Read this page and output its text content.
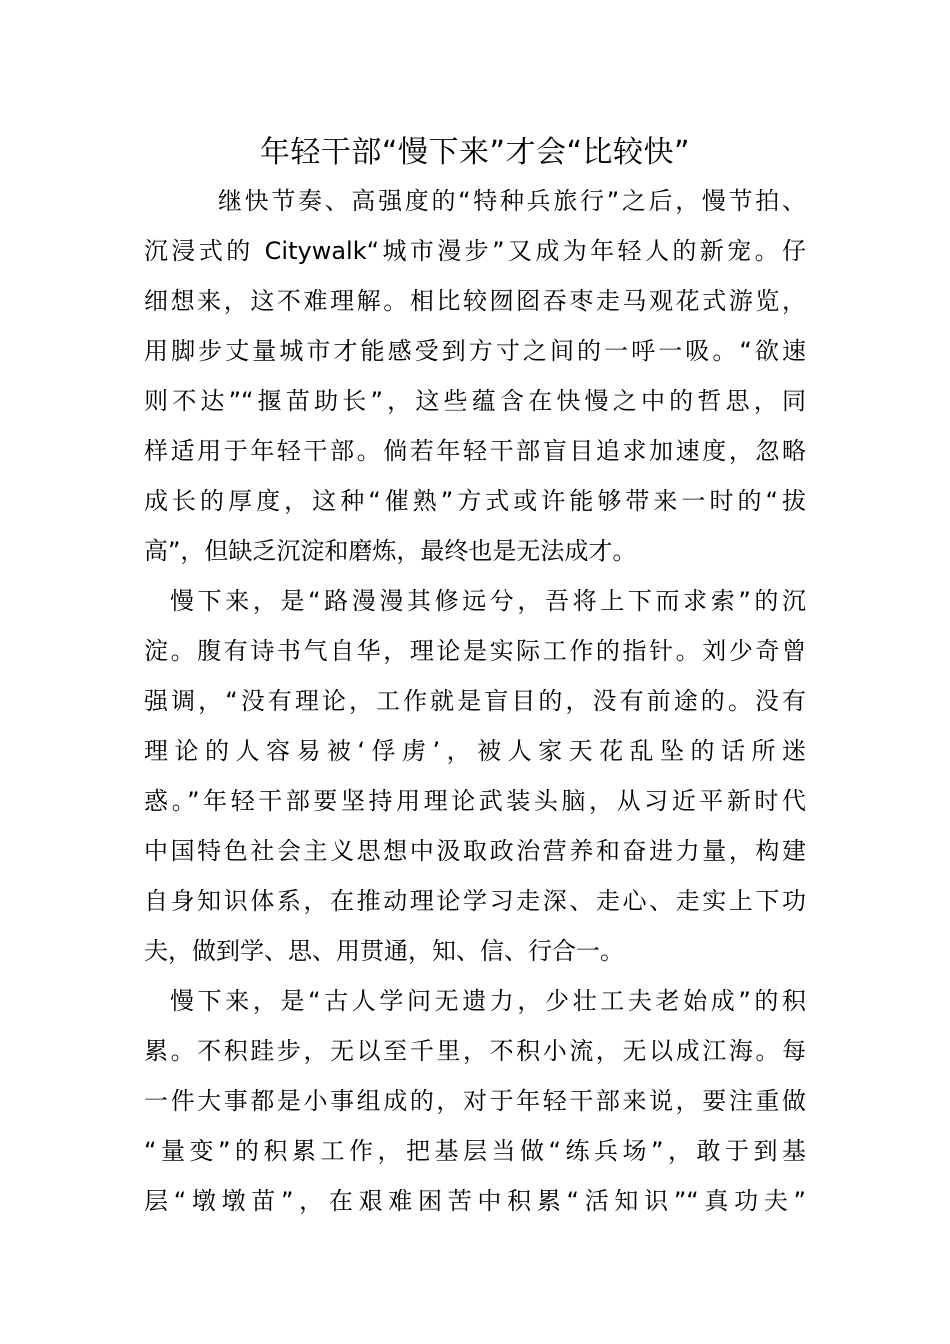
年轻干部“慢下来”才会“比较快”
继快节奏、高强度的“特种兵旅行”之后，慢节拍、
沉浸式的 Citywalk“城市漫步”又成为年轻人的新宠。仔
细想来，这不难理解。相比较囫囵吞枣走马观花式游览，
用脚步丈量城市才能感受到方寸之间的一呼一吸。“欲速
则不达”“揠苗助长”，这些蕴含在快慢之中的哲思，同
样适用于年轻干部。倘若年轻干部盲目追求加速度，忽略
成长的厚度，这种“催熟”方式或许能够带来一时的“拔
高”，但缺乏沉淀和磨炼，最终也是无法成才。
慢下来，是“路漫漫其修远兮，吾将上下而求索”的沉
淀。腹有诗书气自华，理论是实际工作的指针。刘少奇曾
强调，“没有理论，工作就是盲目的，没有前途的。没有
理论的人容易被‘俘虏’，被人家天花乱坠的话所迷
惑。”年轻干部要坚持用理论武装头脑，从习近平新时代
中国特色社会主义思想中汲取政治营养和奋进力量，构建
自身知识体系，在推动理论学习走深、走心、走实上下功
夫，做到学、思、用贯通，知、信、行合一。
慢下来，是“古人学问无遗力，少壮工夫老始成”的积
累。不积跬步，无以至千里，不积小流，无以成江海。每
一件大事都是小事组成的，对于年轻干部来说，要注重做
“量变”的积累工作，把基层当做“练兵场”，敢于到基
层“墩墩苗”，在艰难困苦中积累“活知识”“真功夫”
